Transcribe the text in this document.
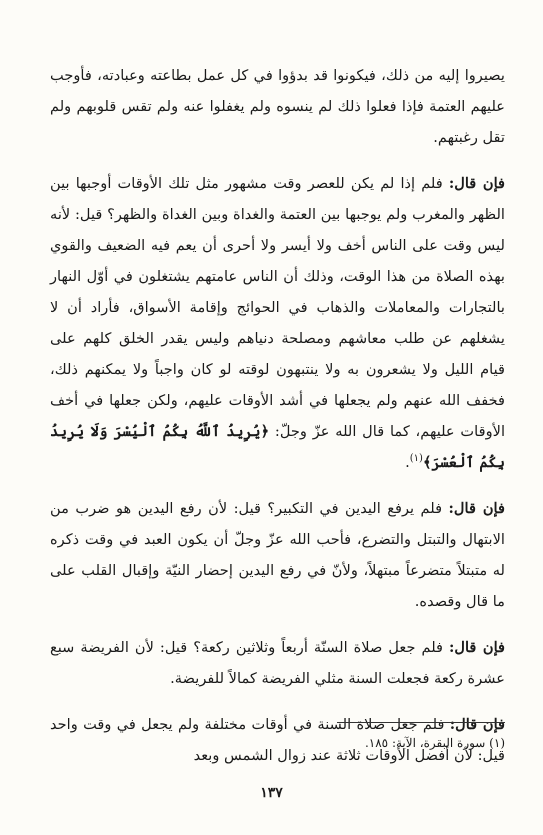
يصيروا إليه من ذلك، فيكونوا قد بدؤوا في كل عمل بطاعته وعبادته، فأوجب عليهم العتمة فإذا فعلوا ذلك لم ينسوه ولم يغفلوا عنه ولم تقس قلوبهم ولم تقل رغبتهم.

فإن قال: فلم إذا لم يكن للعصر وقت مشهور مثل تلك الأوقات أوجبها بين الظهر والمغرب ولم يوجبها بين العتمة والغداة وبين الغداة والظهر؟ قيل: لأنه ليس وقت على الناس أخف ولا أيسر ولا أحرى أن يعم فيه الضعيف والقوي بهذه الصلاة من هذا الوقت، وذلك أن الناس عامتهم يشتغلون في أوّل النهار بالتجارات والمعاملات والذهاب في الحوائج وإقامة الأسواق، فأراد أن لا يشغلهم عن طلب معاشهم ومصلحة دنياهم وليس يقدر الخلق كلهم على قيام الليل ولا يشعرون به ولا ينتبهون لوقته لو كان واجباً ولا يمكنهم ذلك، فخفف الله عنهم ولم يجعلها في أشد الأوقات عليهم، ولكن جعلها في أخف الأوقات عليهم، كما قال الله عزّ وجلّ: ﴿يُرِيدُ ٱللَّهُ بِكُمُ ٱلْيُسْرَ وَلَا يُرِيدُ بِكُمُ ٱلْعُسْرَ﴾$^{(١)}$.

فإن قال: فلم يرفع اليدين في التكبير؟ قيل: لأن رفع اليدين هو ضرب من الابتهال والتبتل والتضرع، فأحب الله عزّ وجلّ أن يكون العبد في وقت ذكره له متبتلاً متضرعاً مبتهلاً، ولأنّ في رفع اليدين إحضار النيّة وإقبال القلب على ما قال وقصده.

فإن قال: فلم جعل صلاة السنّة أربعاً وثلاثين ركعة؟ قيل: لأن الفريضة سبع عشرة ركعة فجعلت السنة مثلي الفريضة كمالاً للفريضة.

فإن قال: فلم جعل صلاة السنة في أوقات مختلفة ولم يجعل في وقت واحد قيل: لأن أفضل الأوقات ثلاثة عند زوال الشمس وبعد

(١) سورة البقرة، الآية: ١٨٥.
١٣٧
